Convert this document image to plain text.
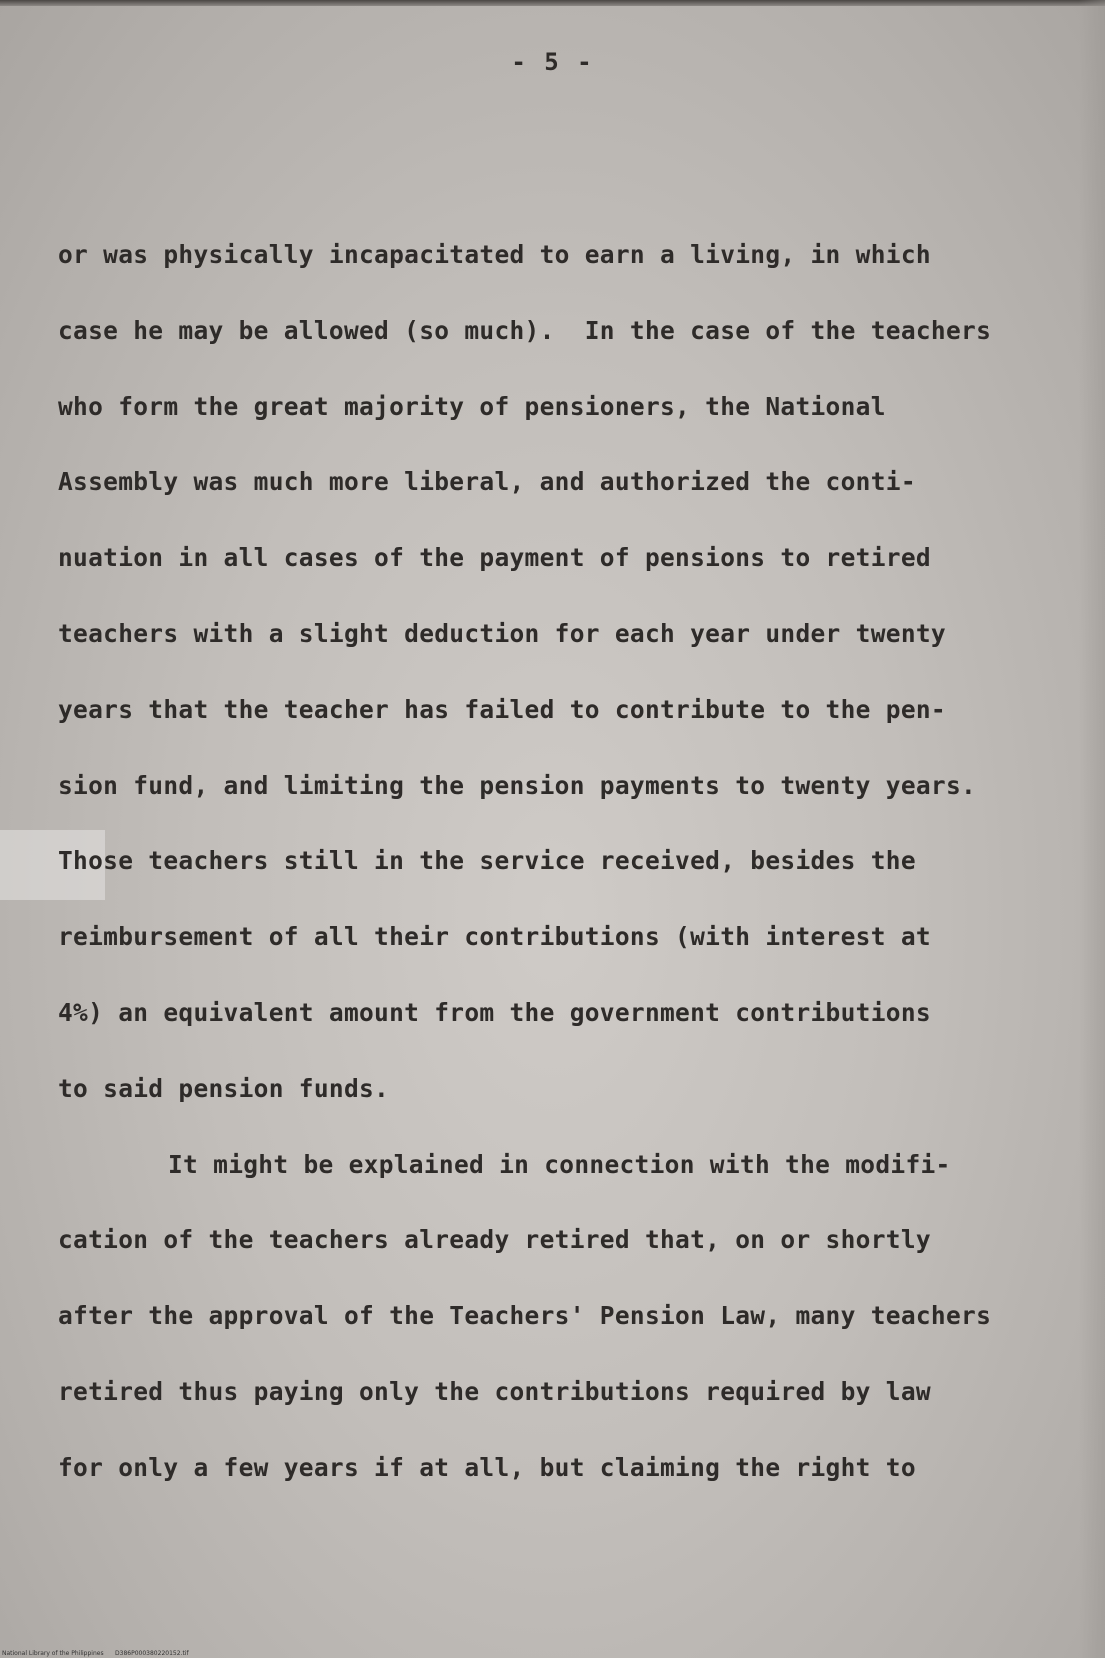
- 5 -
or was physically incapacitated to earn a living, in which
case he may be allowed (so much).  In the case of the teachers
who form the great majority of pensioners, the National
Assembly was much more liberal, and authorized the conti-
nuation in all cases of the payment of pensions to retired
teachers with a slight deduction for each year under twenty
years that the teacher has failed to contribute to the pen-
sion fund, and limiting the pension payments to twenty years.
Those teachers still in the service received, besides the
reimbursement of all their contributions (with interest at
4%) an equivalent amount from the government contributions
to said pension funds.
It might be explained in connection with the modifi-
cation of the teachers already retired that, on or shortly
after the approval of the Teachers' Pension Law, many teachers
retired thus paying only the contributions required by law
for only a few years if at all, but claiming the right to
National Library of the Philippines D386P000380220152.tif
